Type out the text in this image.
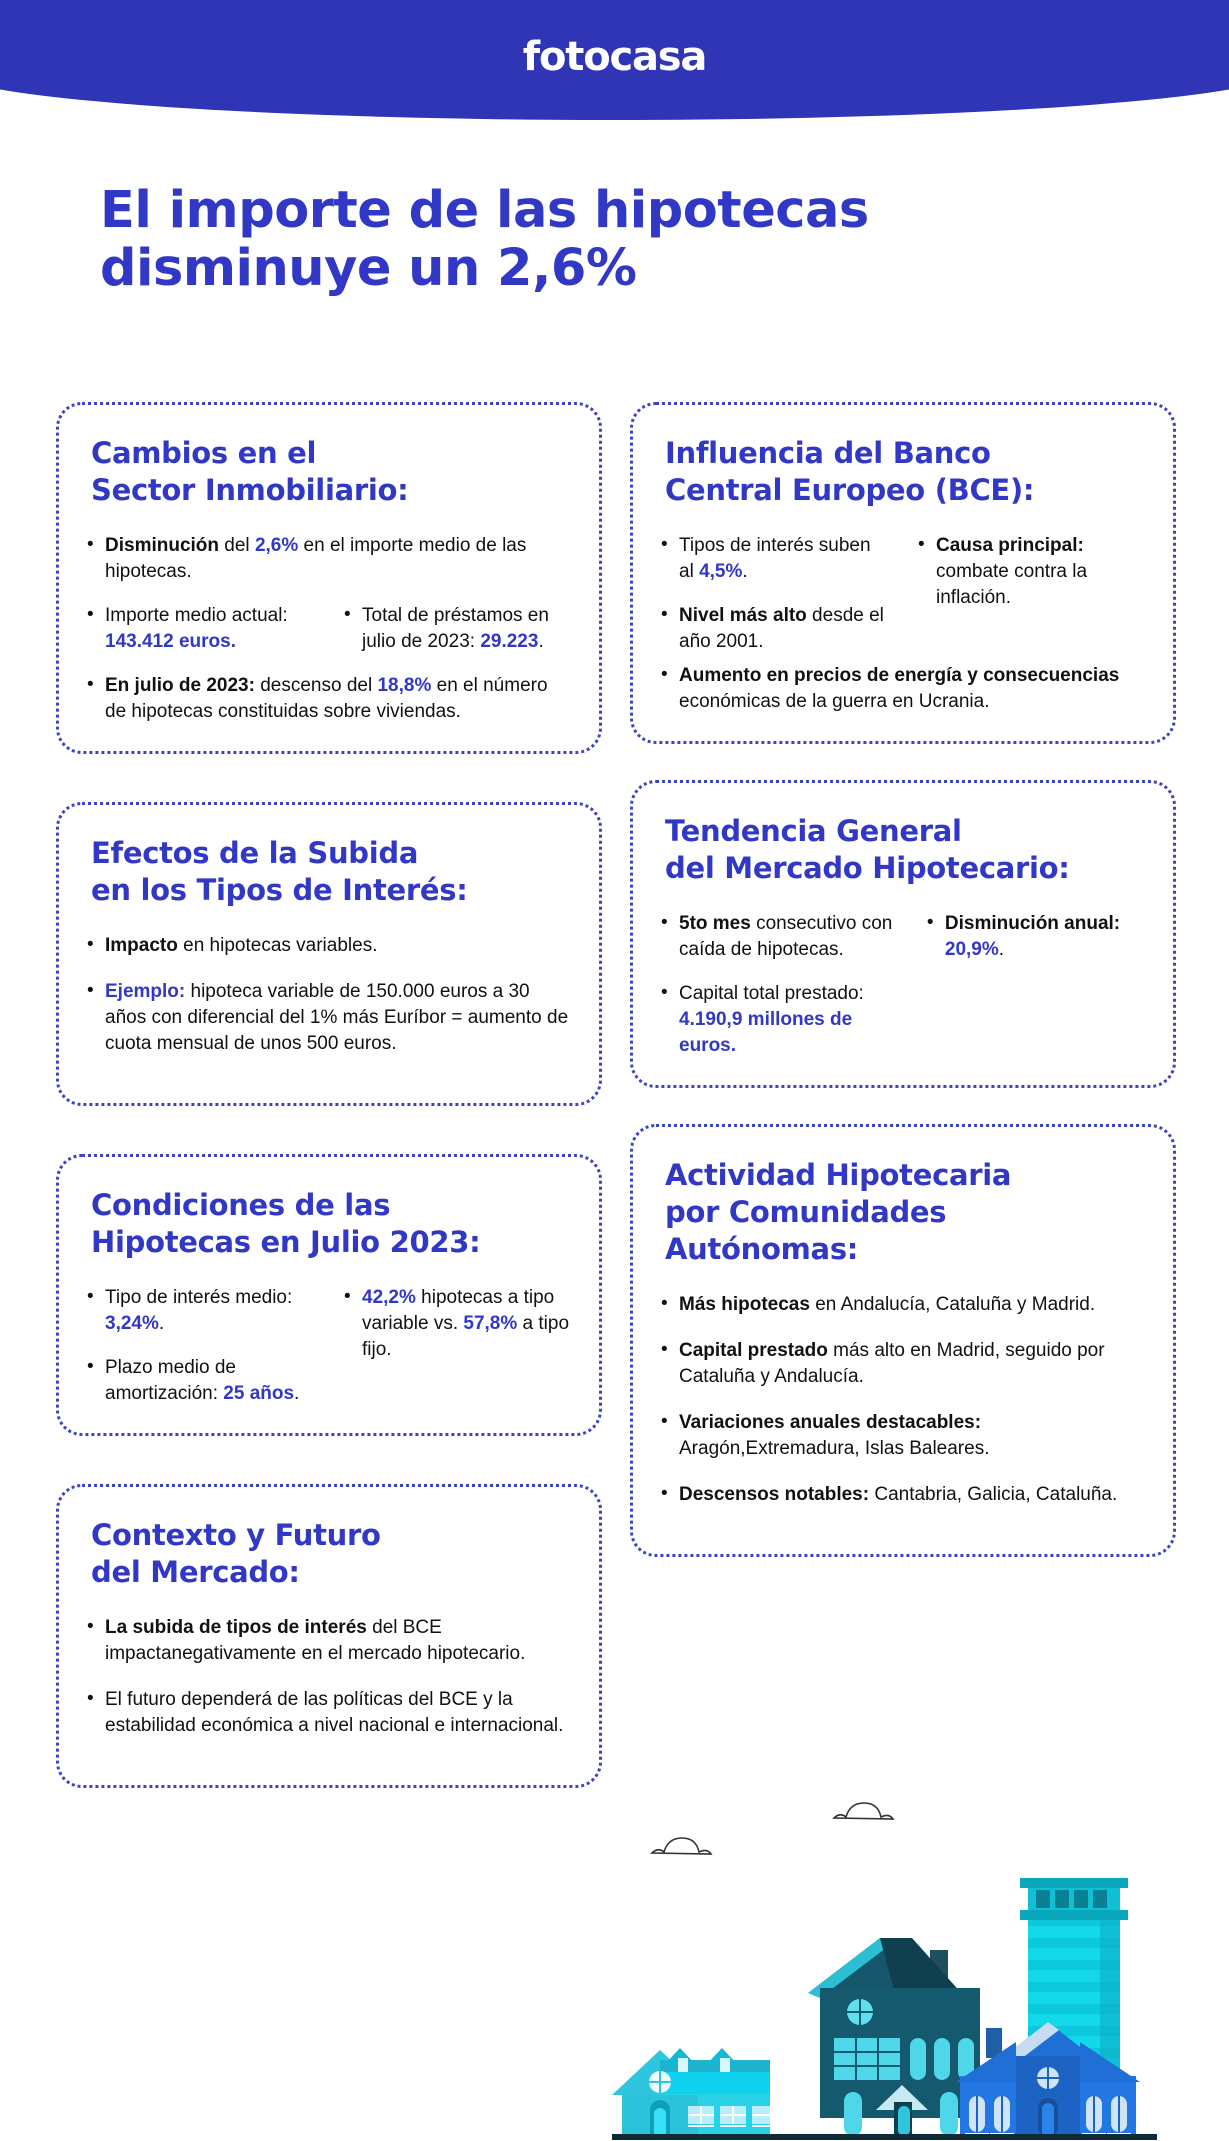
fotocasa
El importe de las hipotecas disminuye un 2,6%
Cambios en el
Sector Inmobiliario:
• Disminución del 2,6% en el importe medio de las hipotecas.
• Importe medio actual: 143.412 euros.
• Total de préstamos en julio de 2023: 29.223.
• En julio de 2023: descenso del 18,8% en el número de hipotecas constituidas sobre viviendas.
Efectos de la Subida
en los Tipos de Interés:
• Impacto en hipotecas variables.
• Ejemplo: hipoteca variable de 150.000 euros a 30 años con diferencial del 1% más Euríbor = aumento de cuota mensual de unos 500 euros.
Condiciones de las
Hipotecas en Julio 2023:
• Tipo de interés medio: 3,24%.
• Plazo medio de amortización: 25 años.
• 42,2% hipotecas a tipo variable vs. 57,8% a tipo fijo.
Contexto y Futuro
del Mercado:
• La subida de tipos de interés del BCE impactanegativamente en el mercado hipotecario.
• El futuro dependerá de las políticas del BCE y la estabilidad económica a nivel nacional e internacional.
Influencia del Banco
Central Europeo (BCE):
• Tipos de interés suben al 4,5%.
• Nivel más alto desde el año 2001.
• Causa principal: combate contra la inflación.
• Aumento en precios de energía y consecuencias económicas de la guerra en Ucrania.
Tendencia General
del Mercado Hipotecario:
• 5to mes consecutivo con caída de hipotecas.
• Capital total prestado: 4.190,9 millones de euros.
• Disminución anual: 20,9%.
Actividad Hipotecaria
por Comunidades
Autónomas:
• Más hipotecas en Andalucía, Cataluña y Madrid.
• Capital prestado más alto en Madrid, seguido por Cataluña y Andalucía.
• Variaciones anuales destacables: Aragón,Extremadura, Islas Baleares.
• Descensos notables: Cantabria, Galicia, Cataluña.
